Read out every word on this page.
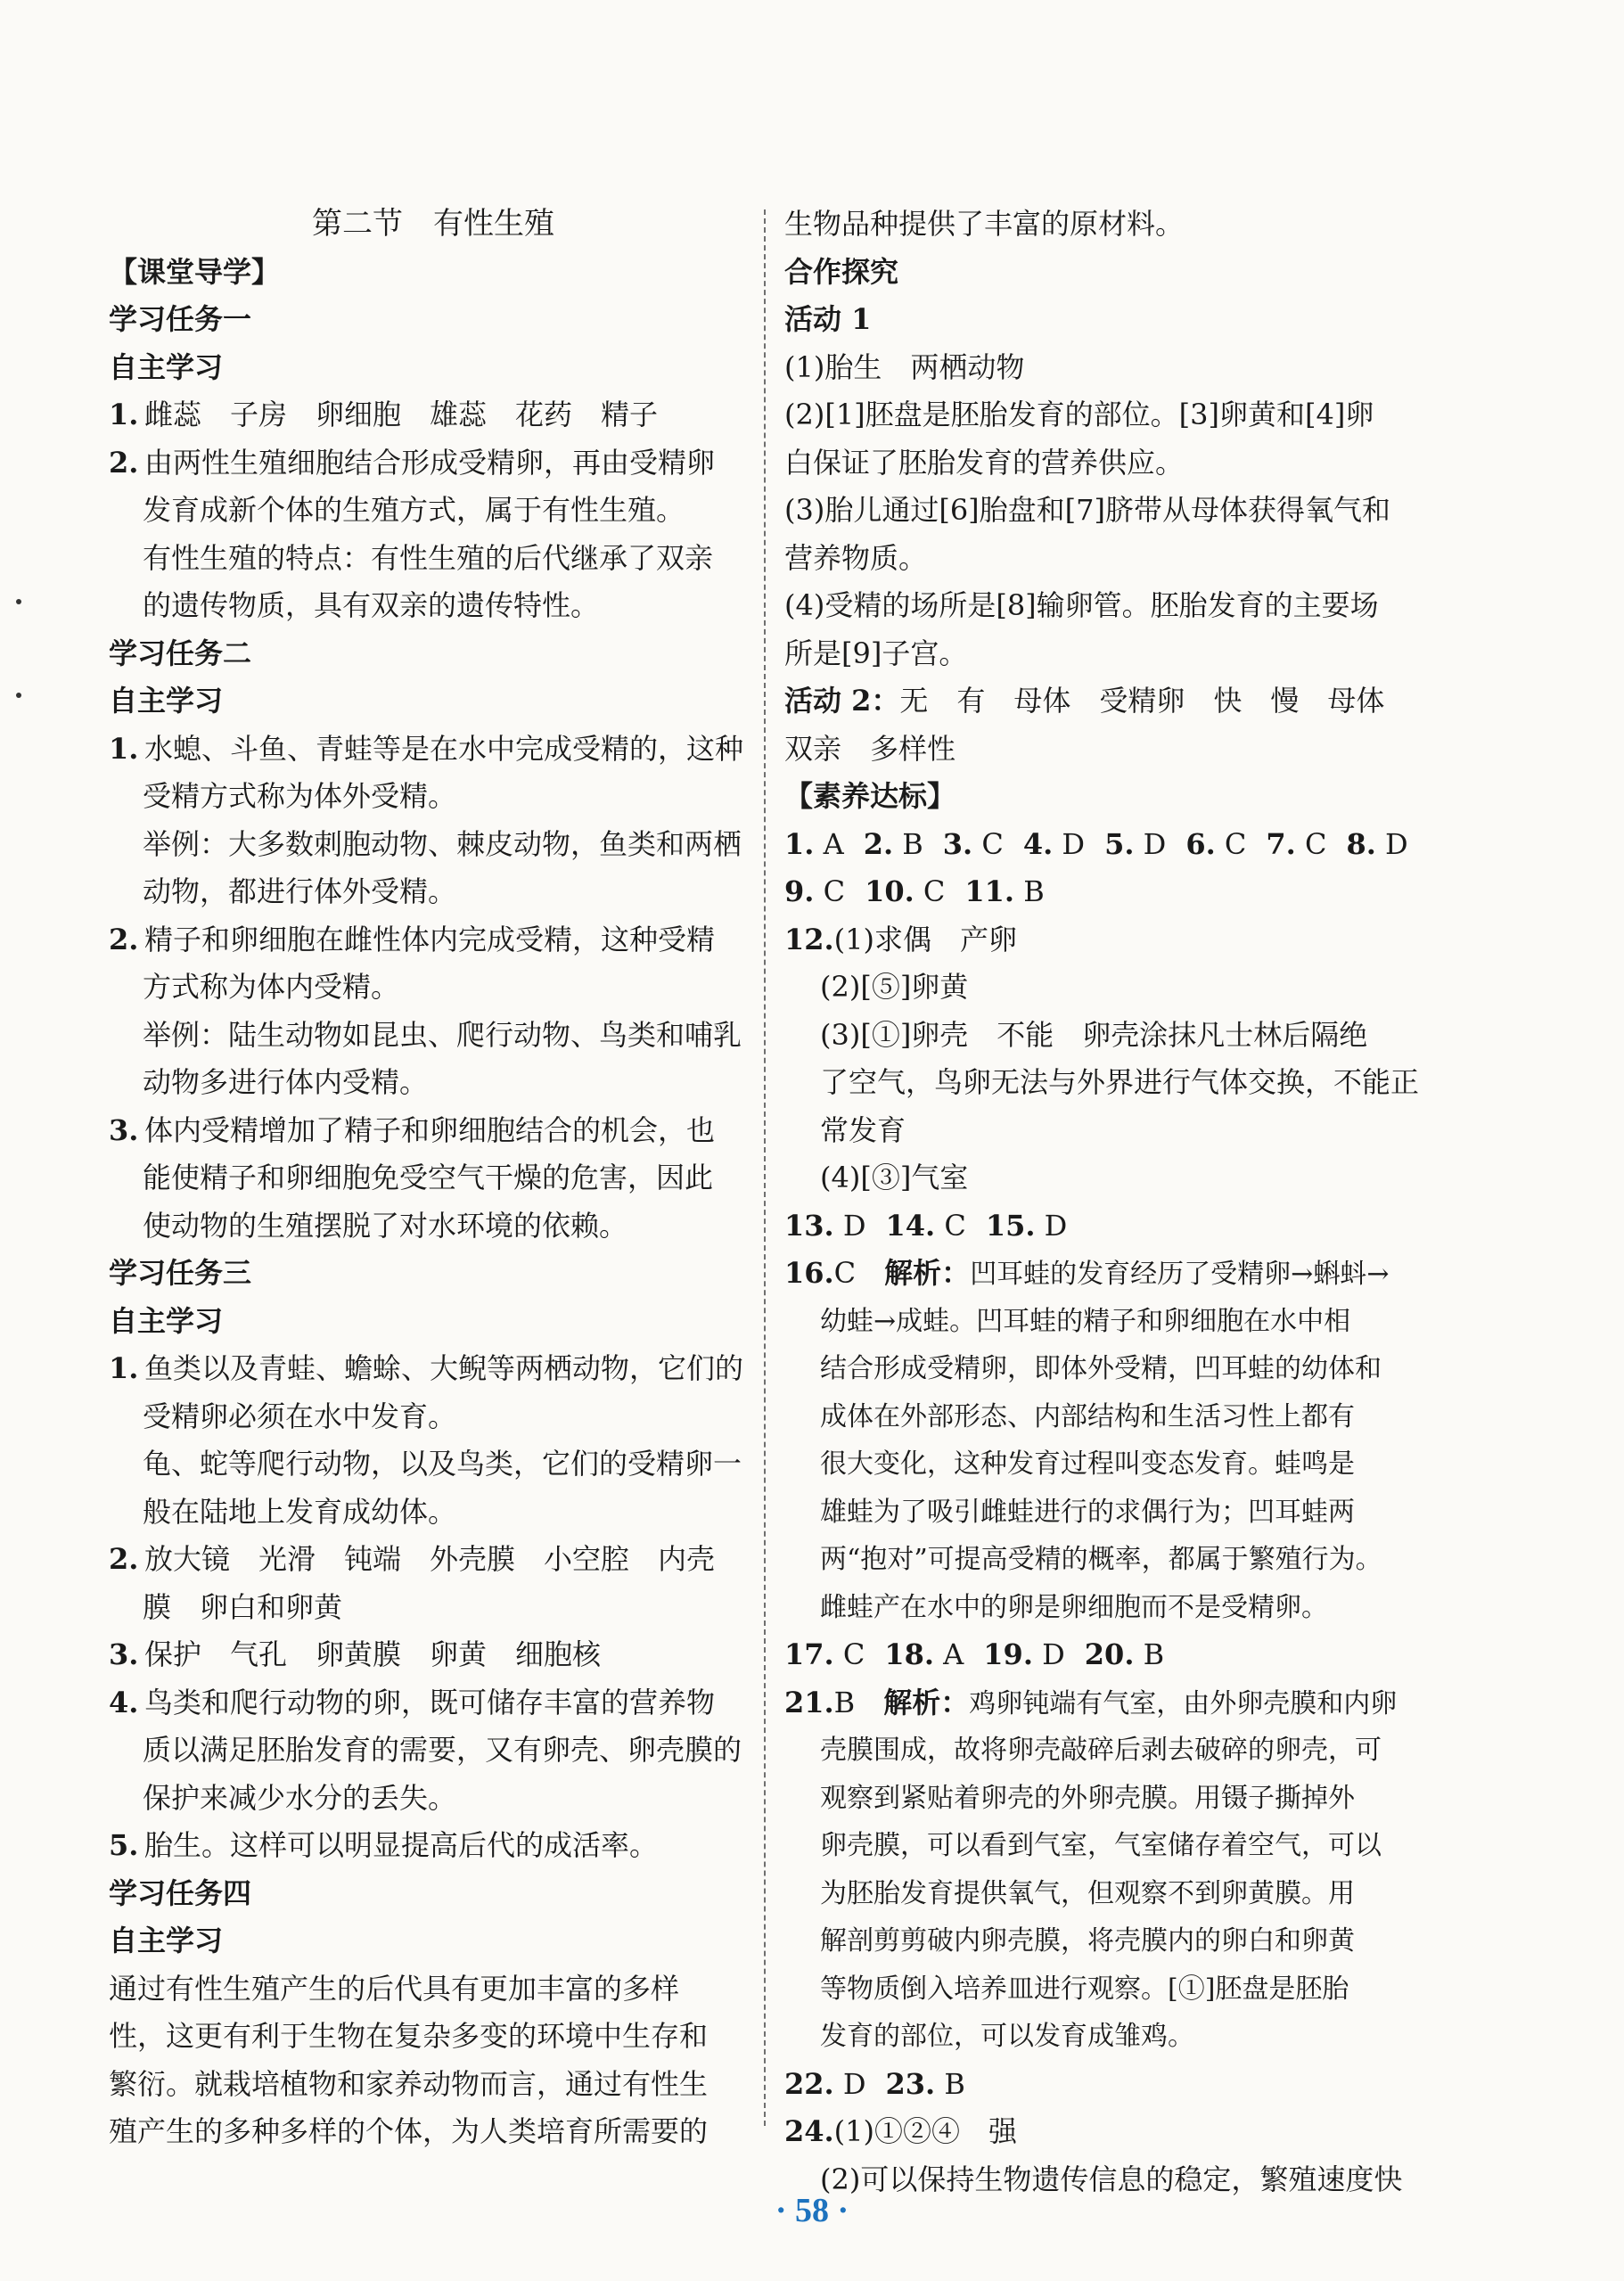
第二节　有性生殖
【课堂导学】
学习任务一
自主学习
1. 雌蕊　子房　卵细胞　雄蕊　花药　精子
2. 由两性生殖细胞结合形成受精卵，再由受精卵
发育成新个体的生殖方式，属于有性生殖。
有性生殖的特点：有性生殖的后代继承了双亲
的遗传物质，具有双亲的遗传特性。
学习任务二
自主学习
1. 水螅、斗鱼、青蛙等是在水中完成受精的，这种
受精方式称为体外受精。
举例：大多数刺胞动物、棘皮动物，鱼类和两栖
动物，都进行体外受精。
2. 精子和卵细胞在雌性体内完成受精，这种受精
方式称为体内受精。
举例：陆生动物如昆虫、爬行动物、鸟类和哺乳
动物多进行体内受精。
3. 体内受精增加了精子和卵细胞结合的机会，也
能使精子和卵细胞免受空气干燥的危害，因此
使动物的生殖摆脱了对水环境的依赖。
学习任务三
自主学习
1. 鱼类以及青蛙、蟾蜍、大鲵等两栖动物，它们的
受精卵必须在水中发育。
龟、蛇等爬行动物，以及鸟类，它们的受精卵一
般在陆地上发育成幼体。
2. 放大镜　光滑　钝端　外壳膜　小空腔　内壳
膜　卵白和卵黄
3. 保护　气孔　卵黄膜　卵黄　细胞核
4. 鸟类和爬行动物的卵，既可储存丰富的营养物
质以满足胚胎发育的需要，又有卵壳、卵壳膜的
保护来减少水分的丢失。
5. 胎生。这样可以明显提高后代的成活率。
学习任务四
自主学习
通过有性生殖产生的后代具有更加丰富的多样
性，这更有利于生物在复杂多变的环境中生存和
繁衍。就栽培植物和家养动物而言，通过有性生
殖产生的多种多样的个体，为人类培育所需要的
生物品种提供了丰富的原材料。
合作探究
活动 1
(1)胎生　两栖动物
(2)[1]胚盘是胚胎发育的部位。[3]卵黄和[4]卵
白保证了胚胎发育的营养供应。
(3)胎儿通过[6]胎盘和[7]脐带从母体获得氧气和
营养物质。
(4)受精的场所是[8]输卵管。胚胎发育的主要场
所是[9]子宫。
活动 2：无　有　母体　受精卵　快　慢　母体
双亲　多样性
【素养达标】
1. A 2. B 3. C 4. D 5. D 6. C 7. C 8. D
9. C 10. C 11. B
12.(1)求偶　产卵
(2)[⑤]卵黄
(3)[①]卵壳　不能　卵壳涂抹凡士林后隔绝
了空气，鸟卵无法与外界进行气体交换，不能正
常发育
(4)[③]气室
13. D 14. C 15. D
16.C　解析：凹耳蛙的发育经历了受精卵→蝌蚪→
幼蛙→成蛙。凹耳蛙的精子和卵细胞在水中相
结合形成受精卵，即体外受精，凹耳蛙的幼体和
成体在外部形态、内部结构和生活习性上都有
很大变化，这种发育过程叫变态发育。蛙鸣是
雄蛙为了吸引雌蛙进行的求偶行为；凹耳蛙两
两“抱对”可提高受精的概率，都属于繁殖行为。
雌蛙产在水中的卵是卵细胞而不是受精卵。
17. C 18. A 19. D 20. B
21.B　解析：鸡卵钝端有气室，由外卵壳膜和内卵
壳膜围成，故将卵壳敲碎后剥去破碎的卵壳，可
观察到紧贴着卵壳的外卵壳膜。用镊子撕掉外
卵壳膜，可以看到气室，气室储存着空气，可以
为胚胎发育提供氧气，但观察不到卵黄膜。用
解剖剪剪破内卵壳膜，将壳膜内的卵白和卵黄
等物质倒入培养皿进行观察。[①]胚盘是胚胎
发育的部位，可以发育成雏鸡。
22. D 23. B
24.(1)①②④　强
(2)可以保持生物遗传信息的稳定，繁殖速度快
· 58 ·
